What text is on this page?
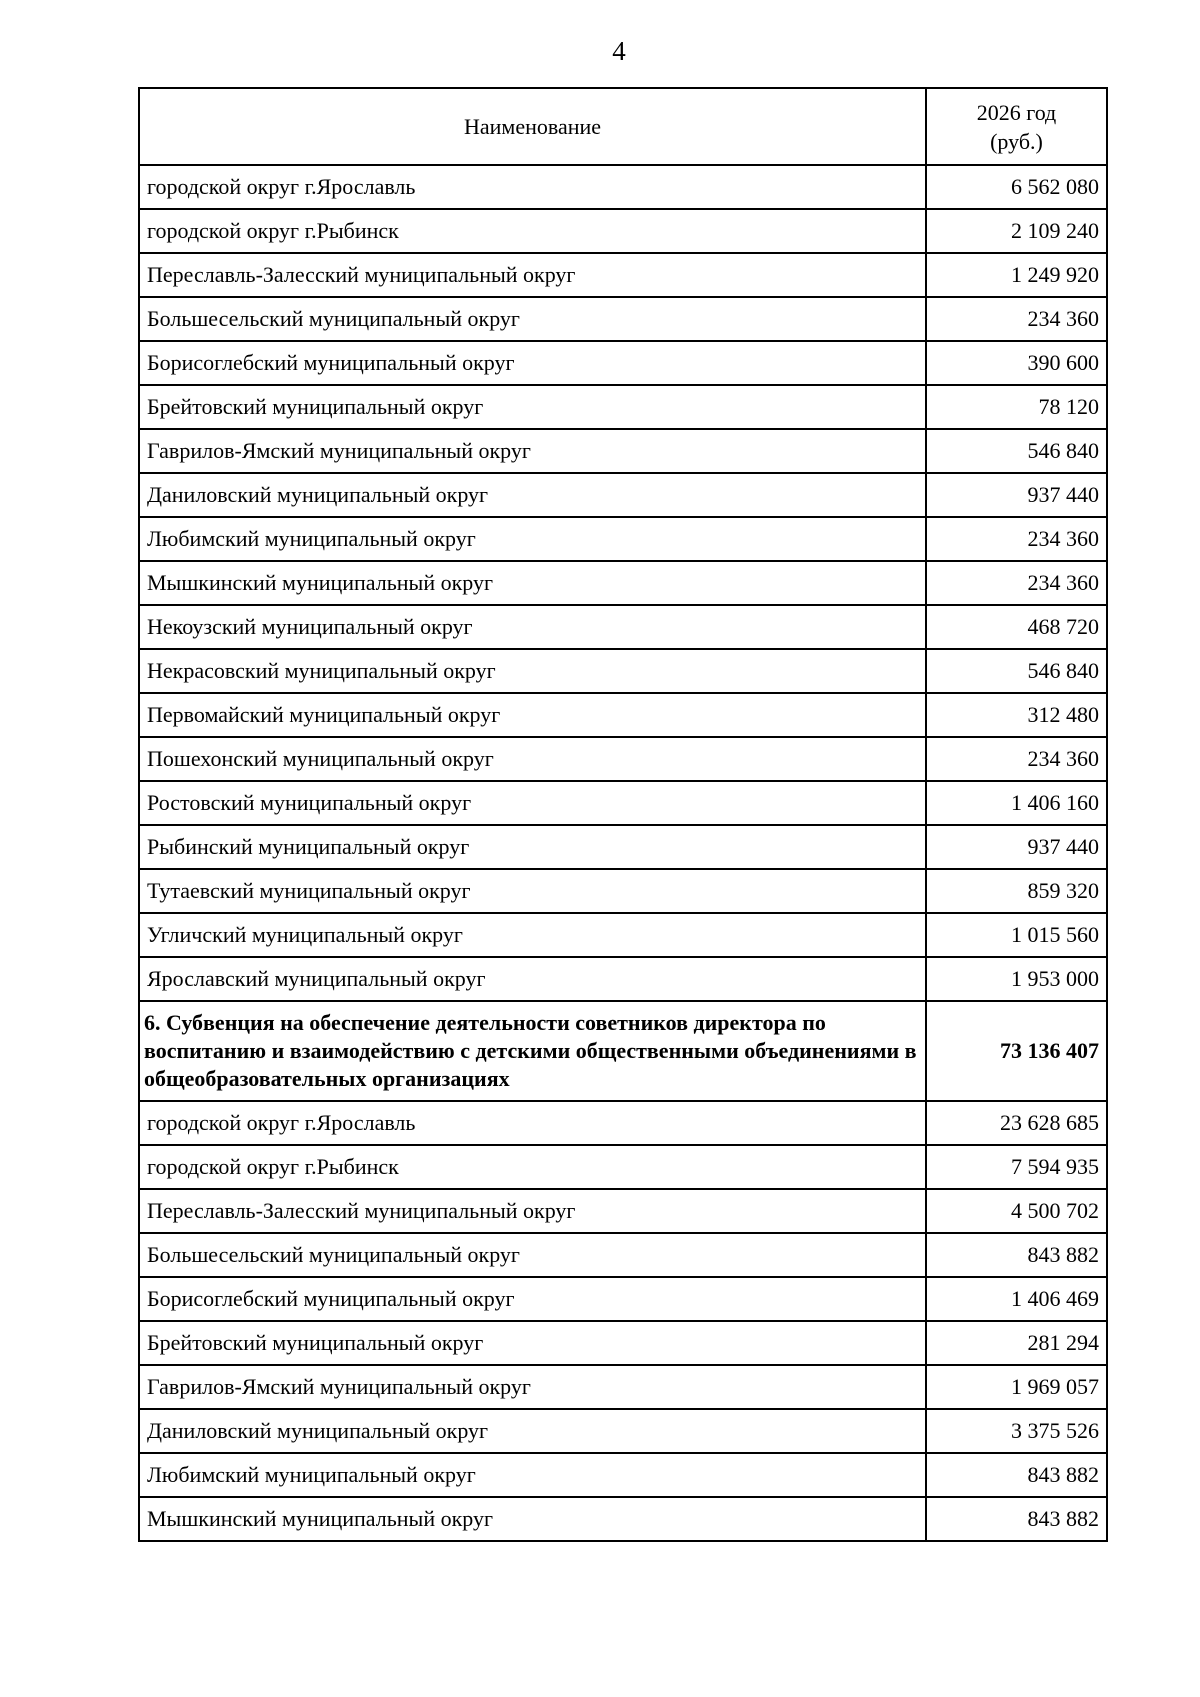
4
Наименование	2026 год
(руб.)

городской округ г.Ярославль	6 562 080
городской округ г.Рыбинск	2 109 240
Переславль-Залесский муниципальный округ	1 249 920
Большесельский муниципальный округ	234 360
Борисоглебский муниципальный округ	390 600
Брейтовский муниципальный округ	78 120
Гаврилов-Ямский муниципальный округ	546 840
Даниловский муниципальный округ	937 440
Любимский муниципальный округ	234 360
Мышкинский муниципальный округ	234 360
Некоузский муниципальный округ	468 720
Некрасовский муниципальный округ	546 840
Первомайский муниципальный округ	312 480
Пошехонский муниципальный округ	234 360
Ростовский муниципальный округ	1 406 160
Рыбинский муниципальный округ	937 440
Тутаевский муниципальный округ	859 320
Угличский муниципальный округ	1 015 560
Ярославский муниципальный округ	1 953 000
6. Субвенция на обеспечение деятельности советников директора по воспитанию и взаимодействию с детскими общественными объединениями в общеобразовательных организациях	73 136 407
городской округ г.Ярославль	23 628 685
городской округ г.Рыбинск	7 594 935
Переславль-Залесский муниципальный округ	4 500 702
Большесельский муниципальный округ	843 882
Борисоглебский муниципальный округ	1 406 469
Брейтовский муниципальный округ	281 294
Гаврилов-Ямский муниципальный округ	1 969 057
Даниловский муниципальный округ	3 375 526
Любимский муниципальный округ	843 882
Мышкинский муниципальный округ	843 882
